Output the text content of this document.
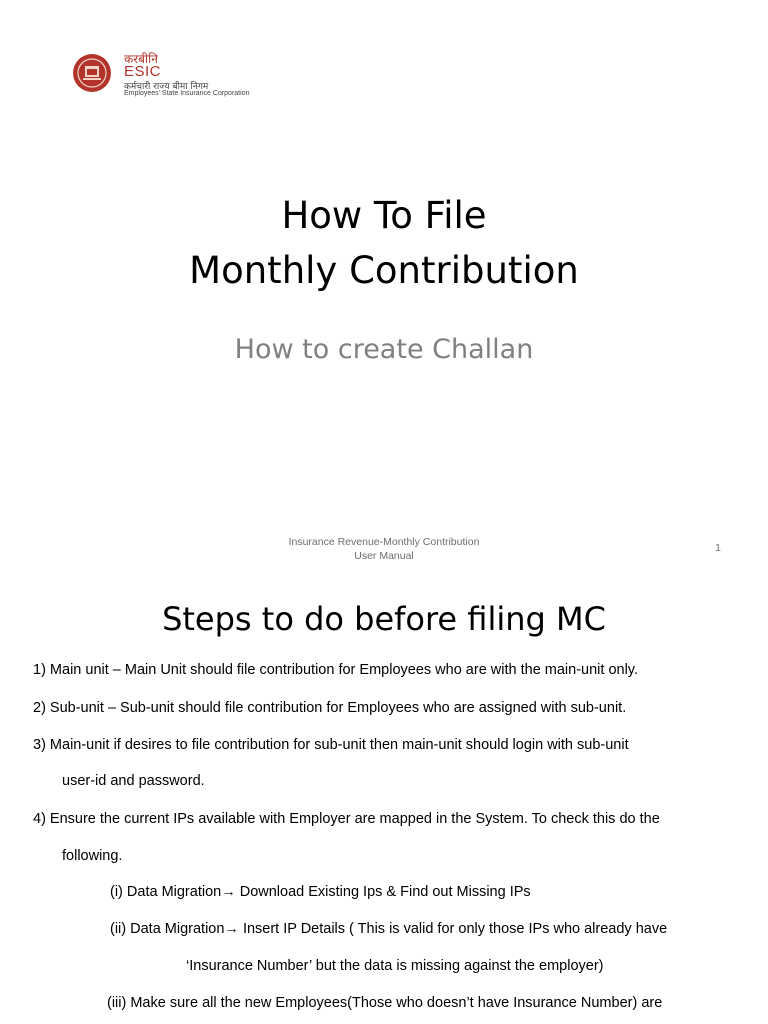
करबीनि
ESIC
कर्मचारी राज्य बीमा निगम
Employees' State Insurance Corporation
How To File
Monthly Contribution
How to create Challan
Insurance Revenue-Monthly Contribution
User Manual
1
Steps to do before filing MC
1) Main unit – Main Unit should file contribution for Employees who are with the main-unit only.
2) Sub-unit – Sub-unit should file contribution for Employees who are assigned with sub-unit.
3) Main-unit if desires to file contribution for sub-unit then main-unit should login with sub-unit
user-id and password.
4) Ensure the current IPs available with Employer are mapped in the System. To check this do the
following.
(i) Data Migration→ Download Existing Ips & Find out Missing IPs
(ii) Data Migration→ Insert IP Details ( This is valid for only those IPs who already have
‘Insurance Number’ but the data is missing against the employer)
(iii) Make sure all the new Employees(Those who doesn’t have Insurance Number) are
